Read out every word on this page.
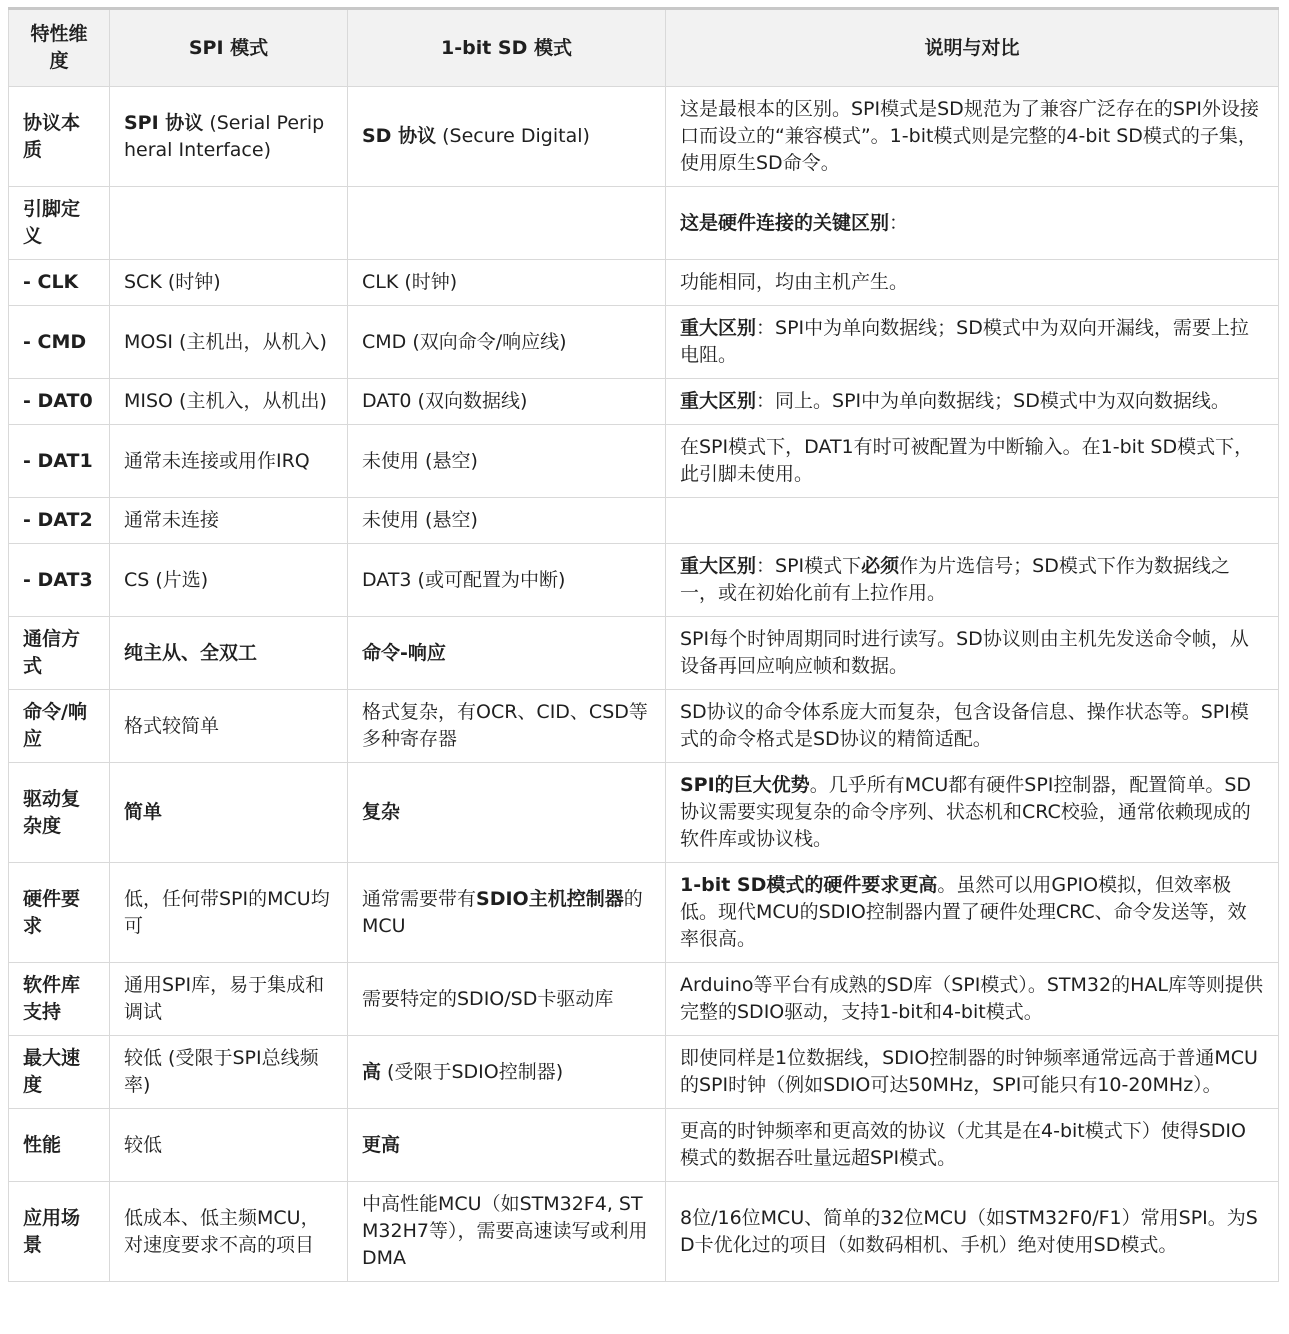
特性维度	SPI 模式	1-bit SD 模式	说明与对比
协议本质	SPI 协议 (Serial Peripheral Interface)	SD 协议 (Secure Digital)	这是最根本的区别。SPI模式是SD规范为了兼容广泛存在的SPI外设接口而设立的“兼容模式”。1-bit模式则是完整的4-bit SD模式的子集，使用原生SD命令。
引脚定义			这是硬件连接的关键区别：
- CLK	SCK (时钟)	CLK (时钟)	功能相同，均由主机产生。
- CMD	MOSI (主机出，从机入)	CMD (双向命令/响应线)	重大区别：SPI中为单向数据线；SD模式中为双向开漏线，需要上拉电阻。
- DAT0	MISO (主机入，从机出)	DAT0 (双向数据线)	重大区别：同上。SPI中为单向数据线；SD模式中为双向数据线。
- DAT1	通常未连接或用作IRQ	未使用 (悬空)	在SPI模式下，DAT1有时可被配置为中断输入。在1-bit SD模式下，此引脚未使用。
- DAT2	通常未连接	未使用 (悬空)	
- DAT3	CS (片选)	DAT3 (或可配置为中断)	重大区别：SPI模式下必须作为片选信号；SD模式下作为数据线之一，或在初始化前有上拉作用。
通信方式	纯主从、全双工	命令-响应	SPI每个时钟周期同时进行读写。SD协议则由主机先发送命令帧，从设备再回应响应帧和数据。
命令/响应	格式较简单	格式复杂，有OCR、CID、CSD等多种寄存器	SD协议的命令体系庞大而复杂，包含设备信息、操作状态等。SPI模式的命令格式是SD协议的精简适配。
驱动复杂度	简单	复杂	SPI的巨大优势。几乎所有MCU都有硬件SPI控制器，配置简单。SD协议需要实现复杂的命令序列、状态机和CRC校验，通常依赖现成的软件库或协议栈。
硬件要求	低，任何带SPI的MCU均可	通常需要带有SDIO主机控制器的MCU	1-bit SD模式的硬件要求更高。虽然可以用GPIO模拟，但效率极低。现代MCU的SDIO控制器内置了硬件处理CRC、命令发送等，效率很高。
软件库支持	通用SPI库，易于集成和调试	需要特定的SDIO/SD卡驱动库	Arduino等平台有成熟的SD库（SPI模式）。STM32的HAL库等则提供完整的SDIO驱动，支持1-bit和4-bit模式。
最大速度	较低 (受限于SPI总线频率)	高 (受限于SDIO控制器)	即使同样是1位数据线，SDIO控制器的时钟频率通常远高于普通MCU的SPI时钟（例如SDIO可达50MHz，SPI可能只有10-20MHz）。
性能	较低	更高	更高的时钟频率和更高效的协议（尤其是在4-bit模式下）使得SDIO模式的数据吞吐量远超SPI模式。
应用场景	低成本、低主频MCU，对速度要求不高的项目	中高性能MCU（如STM32F4, STM32H7等），需要高速读写或利用DMA	8位/16位MCU、简单的32位MCU（如STM32F0/F1）常用SPI。为SD卡优化过的项目（如数码相机、手机）绝对使用SD模式。
